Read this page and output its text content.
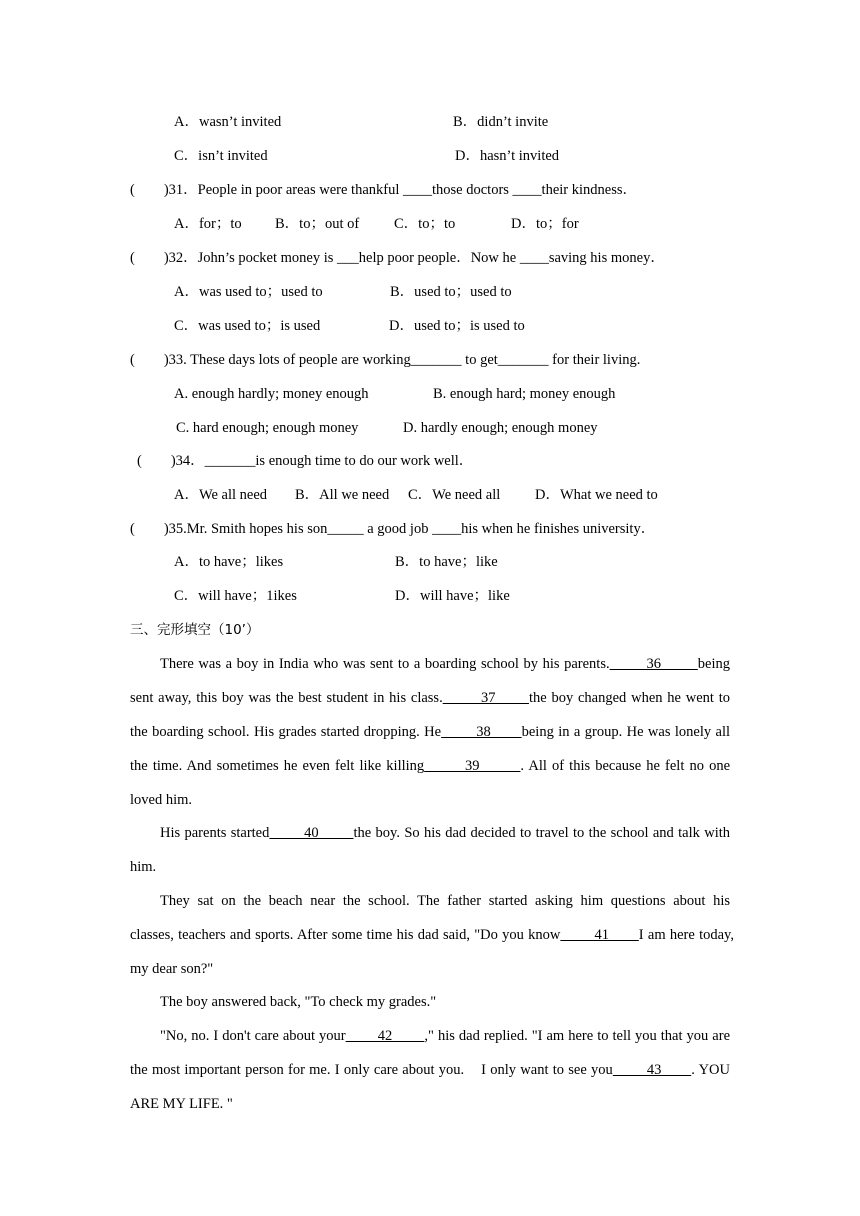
A．wasn’t invited	B．didn’t invite
C．isn’t invited	D．hasn’t invited
(        )31．People in poor areas were thankful ____those doctors ____their kindness．
A．for；to B．to；out of C．to；to	D．to；for
(        )32．John’s pocket money is ___help poor people．Now he ____saving his money．
A．was used to；used to	B．used to；used to
C．was used to；is used	D．used to；is used to
(        )33. These days lots of people are working_______ to get_______ for their living.
A. enough hardly; money enough	B. enough hard; money enough
C. hard enough; enough money	D. hardly enough; enough money
(        )34．_______is enough time to do our work well．
A．We all need B．All we need C．We need all D．What we need to
(        )35.Mr. Smith hopes his son_____ a good job ____his when he finishes university．
A．to have；likes	B．to have；like
C．will have；1ikes	D．will have；like
三、完形填空（10’）
There was a boy in India who was sent to a boarding school by his parents.        36        being
sent away, this boy was the best student in his class.        37       the boy changed when he went to
the boarding school. His grades started dropping. He        38       being in a group. He was lonely all
the time. And sometimes he even felt like killing        39        . All of this because he felt no one
loved him.
His parents started        40        the boy. So his dad decided to travel to the school and talk with
him.
They sat on the beach near the school. The father started asking him questions about his
classes, teachers and sports. After some time his dad said, "Do you know        41       I am here today,
my dear son?"
The boy answered back, "To check my grades."
"No, no. I don't care about your        42        ," his dad replied. "I am here to tell you that you are
the most important person for me. I only care about you.    I only want to see you        43       . YOU
ARE MY LIFE. "
